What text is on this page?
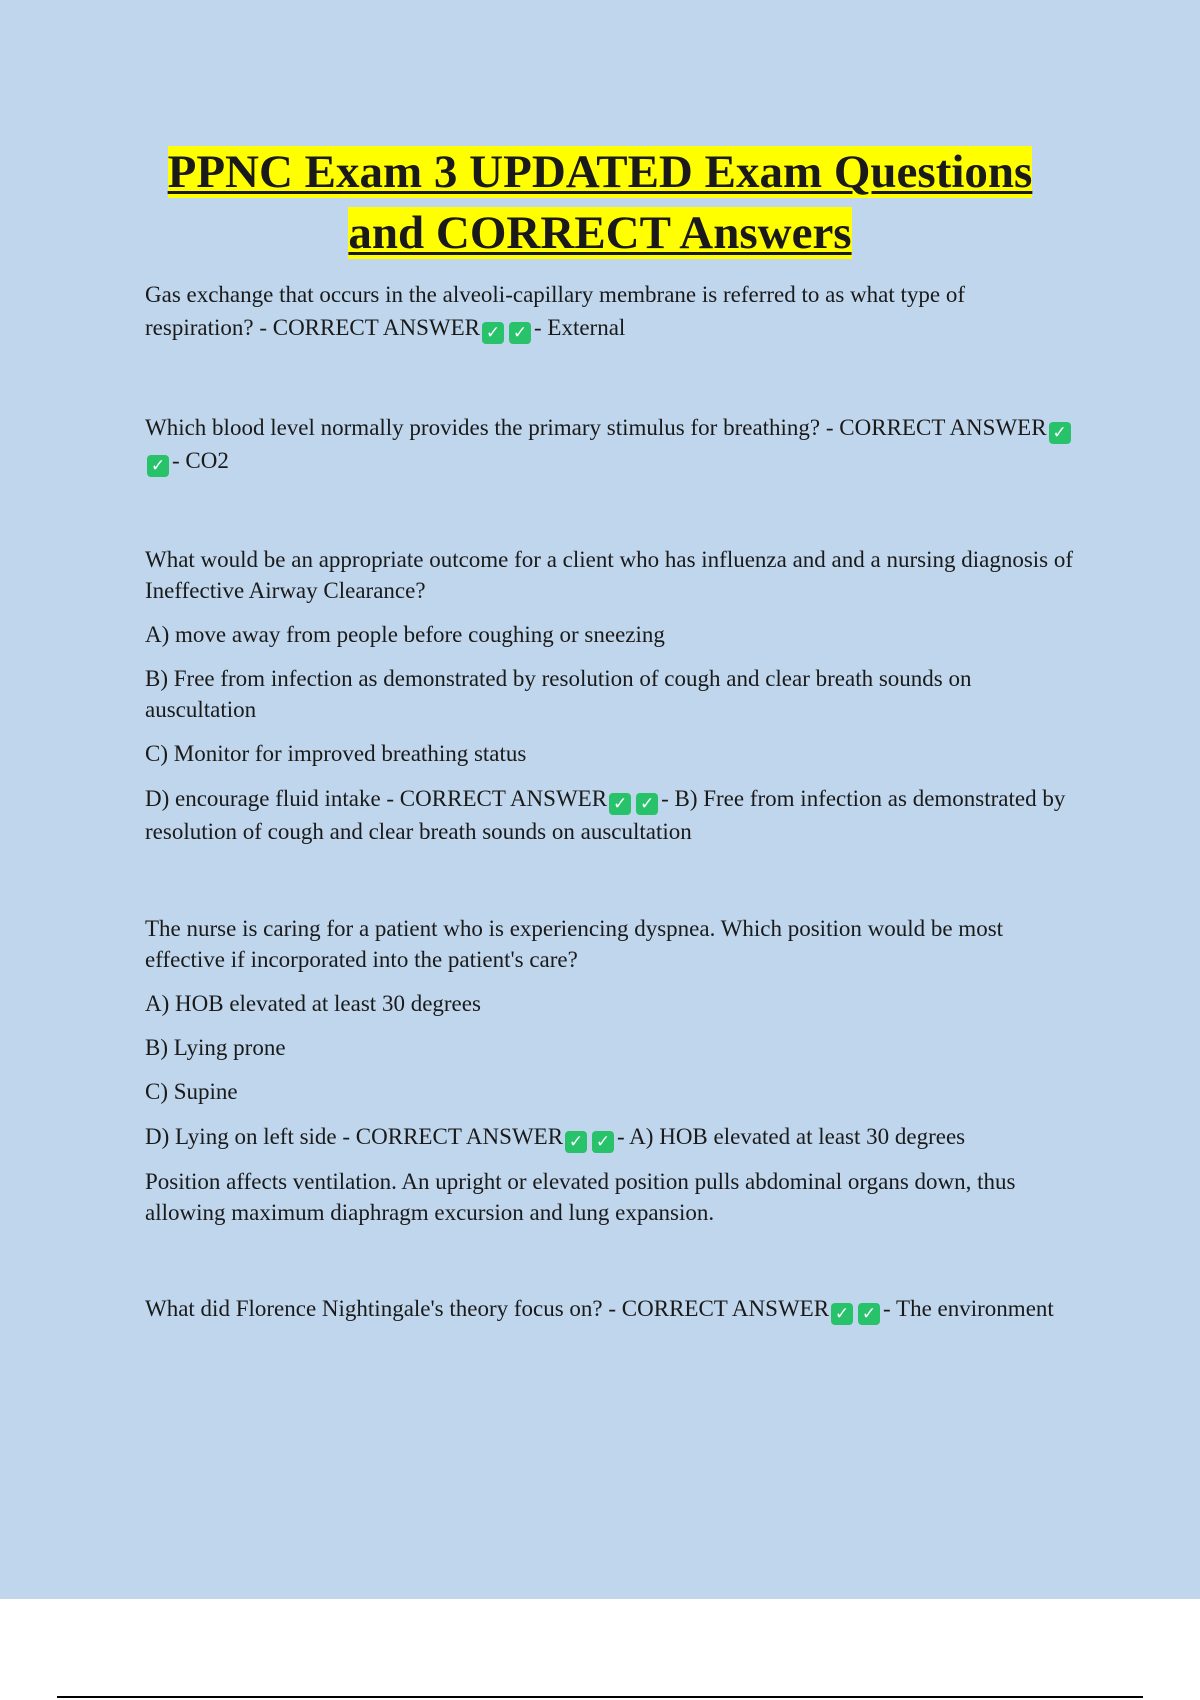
PPNC Exam 3 UPDATED Exam Questions
and CORRECT Answers

Gas exchange that occurs in the alveoli-capillary membrane is referred to as what type of respiration? - CORRECT ANSWER ✓ ✓ - External

Which blood level normally provides the primary stimulus for breathing? - CORRECT ANSWER ✓✓ - CO2

What would be an appropriate outcome for a client who has influenza and and a nursing diagnosis of Ineffective Airway Clearance?

A) move away from people before coughing or sneezing

B) Free from infection as demonstrated by resolution of cough and clear breath sounds on auscultation

C) Monitor for improved breathing status

D) encourage fluid intake - CORRECT ANSWER ✓ ✓ - B) Free from infection as demonstrated by resolution of cough and clear breath sounds on auscultation

The nurse is caring for a patient who is experiencing dyspnea. Which position would be most effective if incorporated into the patient's care?

A) HOB elevated at least 30 degrees

B) Lying prone

C) Supine

D) Lying on left side - CORRECT ANSWER ✓ ✓ - A) HOB elevated at least 30 degrees

Position affects ventilation. An upright or elevated position pulls abdominal organs down, thus allowing maximum diaphragm excursion and lung expansion.

What did Florence Nightingale's theory focus on? - CORRECT ANSWER ✓ ✓ - The environment
